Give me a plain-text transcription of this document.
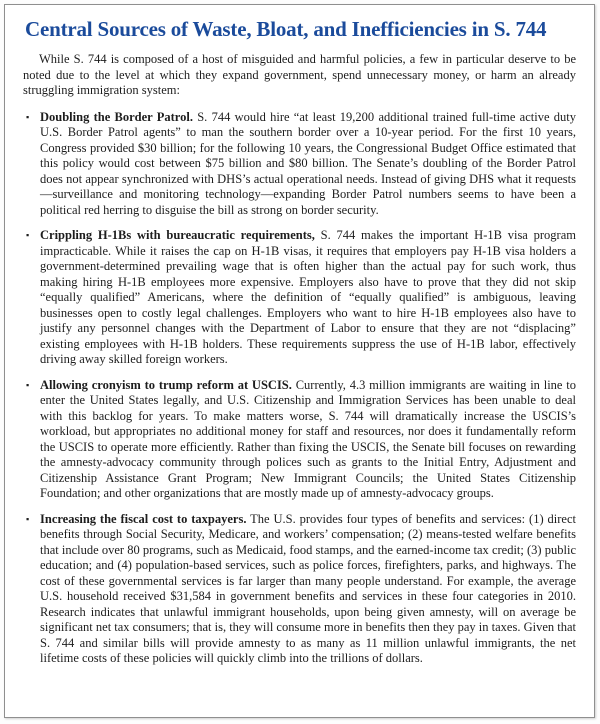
Central Sources of Waste, Bloat, and Inefficiencies in S. 744

While S. 744 is composed of a host of misguided and harmful policies, a few in particular deserve to be noted due to the level at which they expand government, spend unnecessary money, or harm an already struggling immigration system:

▪ Doubling the Border Patrol. S. 744 would hire “at least 19,200 additional trained full-time active duty U.S. Border Patrol agents” to man the southern border over a 10-year period. For the first 10 years, Congress provided $30 billion; for the following 10 years, the Congressional Budget Office estimated that this policy would cost between $75 billion and $80 billion. The Senate’s doubling of the Border Patrol does not appear synchronized with DHS’s actual operational needs. Instead of giving DHS what it requests—surveillance and monitoring technology—expanding Border Patrol numbers seems to have been a political red herring to disguise the bill as strong on border security.
▪ Crippling H-1Bs with bureaucratic requirements, S. 744 makes the important H-1B visa program impracticable. While it raises the cap on H-1B visas, it requires that employers pay H-1B visa holders a government-determined prevailing wage that is often higher than the actual pay for such work, thus making hiring H-1B employees more expensive. Employers also have to prove that they did not skip “equally qualified” Americans, where the definition of “equally qualified” is ambiguous, leaving businesses open to costly legal challenges. Employers who want to hire H-1B employees also have to justify any personnel changes with the Department of Labor to ensure that they are not “displacing” existing employees with H-1B holders. These requirements suppress the use of H-1B labor, effectively driving away skilled foreign workers.
▪ Allowing cronyism to trump reform at USCIS. Currently, 4.3 million immigrants are waiting in line to enter the United States legally, and U.S. Citizenship and Immigration Services has been unable to deal with this backlog for years. To make matters worse, S. 744 will dramatically increase the USCIS’s workload, but appropriates no additional money for staff and resources, nor does it fundamentally reform the USCIS to operate more efficiently. Rather than fixing the USCIS, the Senate bill focuses on rewarding the amnesty-advocacy community through polices such as grants to the Initial Entry, Adjustment and Citizenship Assistance Grant Program; New Immigrant Councils; the United States Citizenship Foundation; and other organizations that are mostly made up of amnesty-advocacy groups.
▪ Increasing the fiscal cost to taxpayers. The U.S. provides four types of benefits and services: (1) direct benefits through Social Security, Medicare, and workers’ compensation; (2) means-tested welfare benefits that include over 80 programs, such as Medicaid, food stamps, and the earned-income tax credit; (3) public education; and (4) population-based services, such as police forces, firefighters, parks, and highways. The cost of these governmental services is far larger than many people understand. For example, the average U.S. household received $31,584 in government benefits and services in these four categories in 2010. Research indicates that unlawful immigrant households, upon being given amnesty, will on average be significant net tax consumers; that is, they will consume more in benefits then they pay in taxes. Given that S. 744 and similar bills will provide amnesty to as many as 11 million unlawful immigrants, the net lifetime costs of these policies will quickly climb into the trillions of dollars.
